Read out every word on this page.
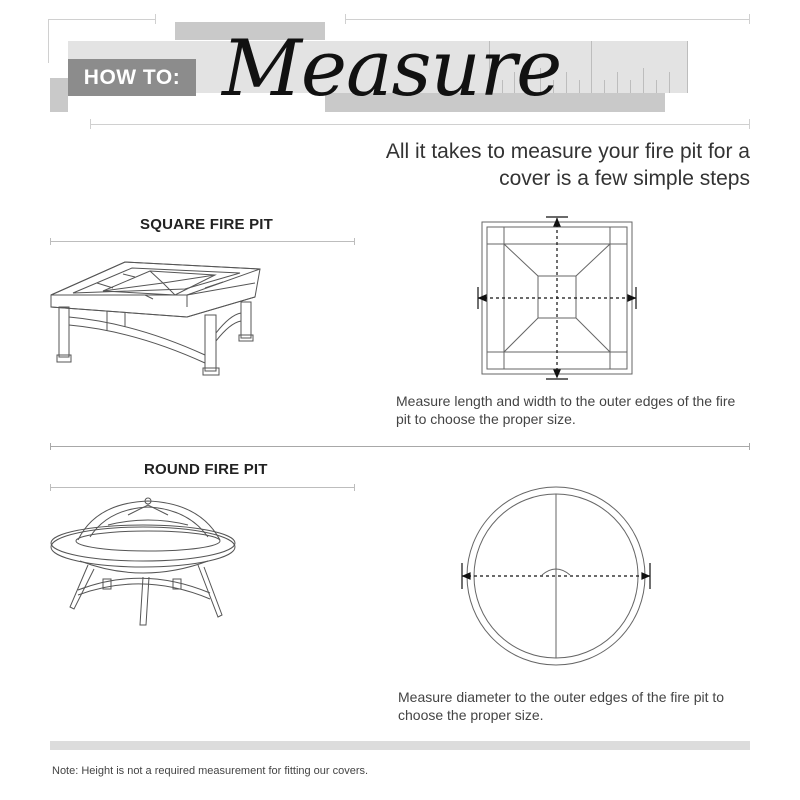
HOW TO: Measure
All it takes to measure your fire pit for a cover is a few simple steps
SQUARE FIRE PIT
Measure length and width to the outer edges of the fire pit to choose the proper size.
ROUND FIRE PIT
Measure diameter to the outer edges of the fire pit to choose the proper size.
Note: Height is not a required measurement for fitting our covers.
